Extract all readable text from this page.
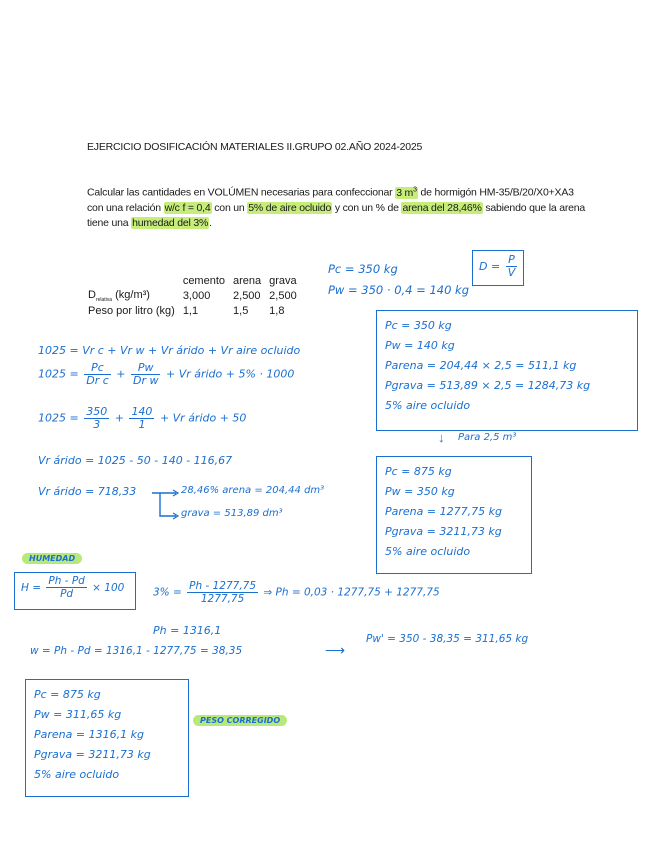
EJERCICIO DOSIFICACIÓN MATERIALES II.GRUPO 02.AÑO 2024-2025
Calcular las cantidades en VOLÚMEN necesarias para confeccionar 3 $m^3$ de hormigón HM-35/B/20/X0+XA3 con una relación w/c f = 0,4 con un 5% de aire ocluido y con un % de arena del 28,46% sabiendo que la arena tiene una humedad del 3%.
	cemento	arena	grava
$D_{relativa}$ (kg/m³)	3,000	2,500	2,500
Peso por litro (kg)	1,1	1,5	1,8
Pc = 350 kg
Pw = 350 · 0,4 = 140 kg
$D = \frac{P}{V}$
Pc = 350 kg
Pw = 140 kg
Parena = 204,44 × 2,5 = 511,1 kg
Pgrava = 513,89 × 2,5 = 1284,73 kg
5% aire ocluido
↓ Para 2,5 m³
Pc = 875 kg
Pw = 350 kg
Parena = 1277,75 kg
Pgrava = 3211,73 kg
5% aire ocluido
1025 = Vr c + Vr w + Vr árido + Vr aire ocluido
$1025 = \frac{Pc}{\text{Dr c}} + \frac{Pw}{\text{Dr w}} + Vr$ árido + 5% · 1000
$1025 = \frac{350}{3} + \frac{140}{1} + Vr$ árido + 50
Vr árido = 1025 - 50 - 140 - 116,67
Vr árido = 718,33	28,46% arena = 204,44 dm³
grava = 513,89 dm³
HUMEDAD
$H = \frac{Ph - Pd}{Pd} \times 100$	$3\% = \frac{Ph - 1277,75}{1277,75}$ ⇒ Ph = 0,03 · 1277,75 + 1277,75
Ph = 1316,1
w = Ph - Pd = 1316,1 - 1277,75 = 38,35	⟶
Pw' = 350 - 38,35 = 311,65 kg
Pc = 875 kg
Pw = 311,65 kg
Parena = 1316,1 kg
Pgrava = 3211,73 kg
5% aire ocluido
PESO CORREGIDO
